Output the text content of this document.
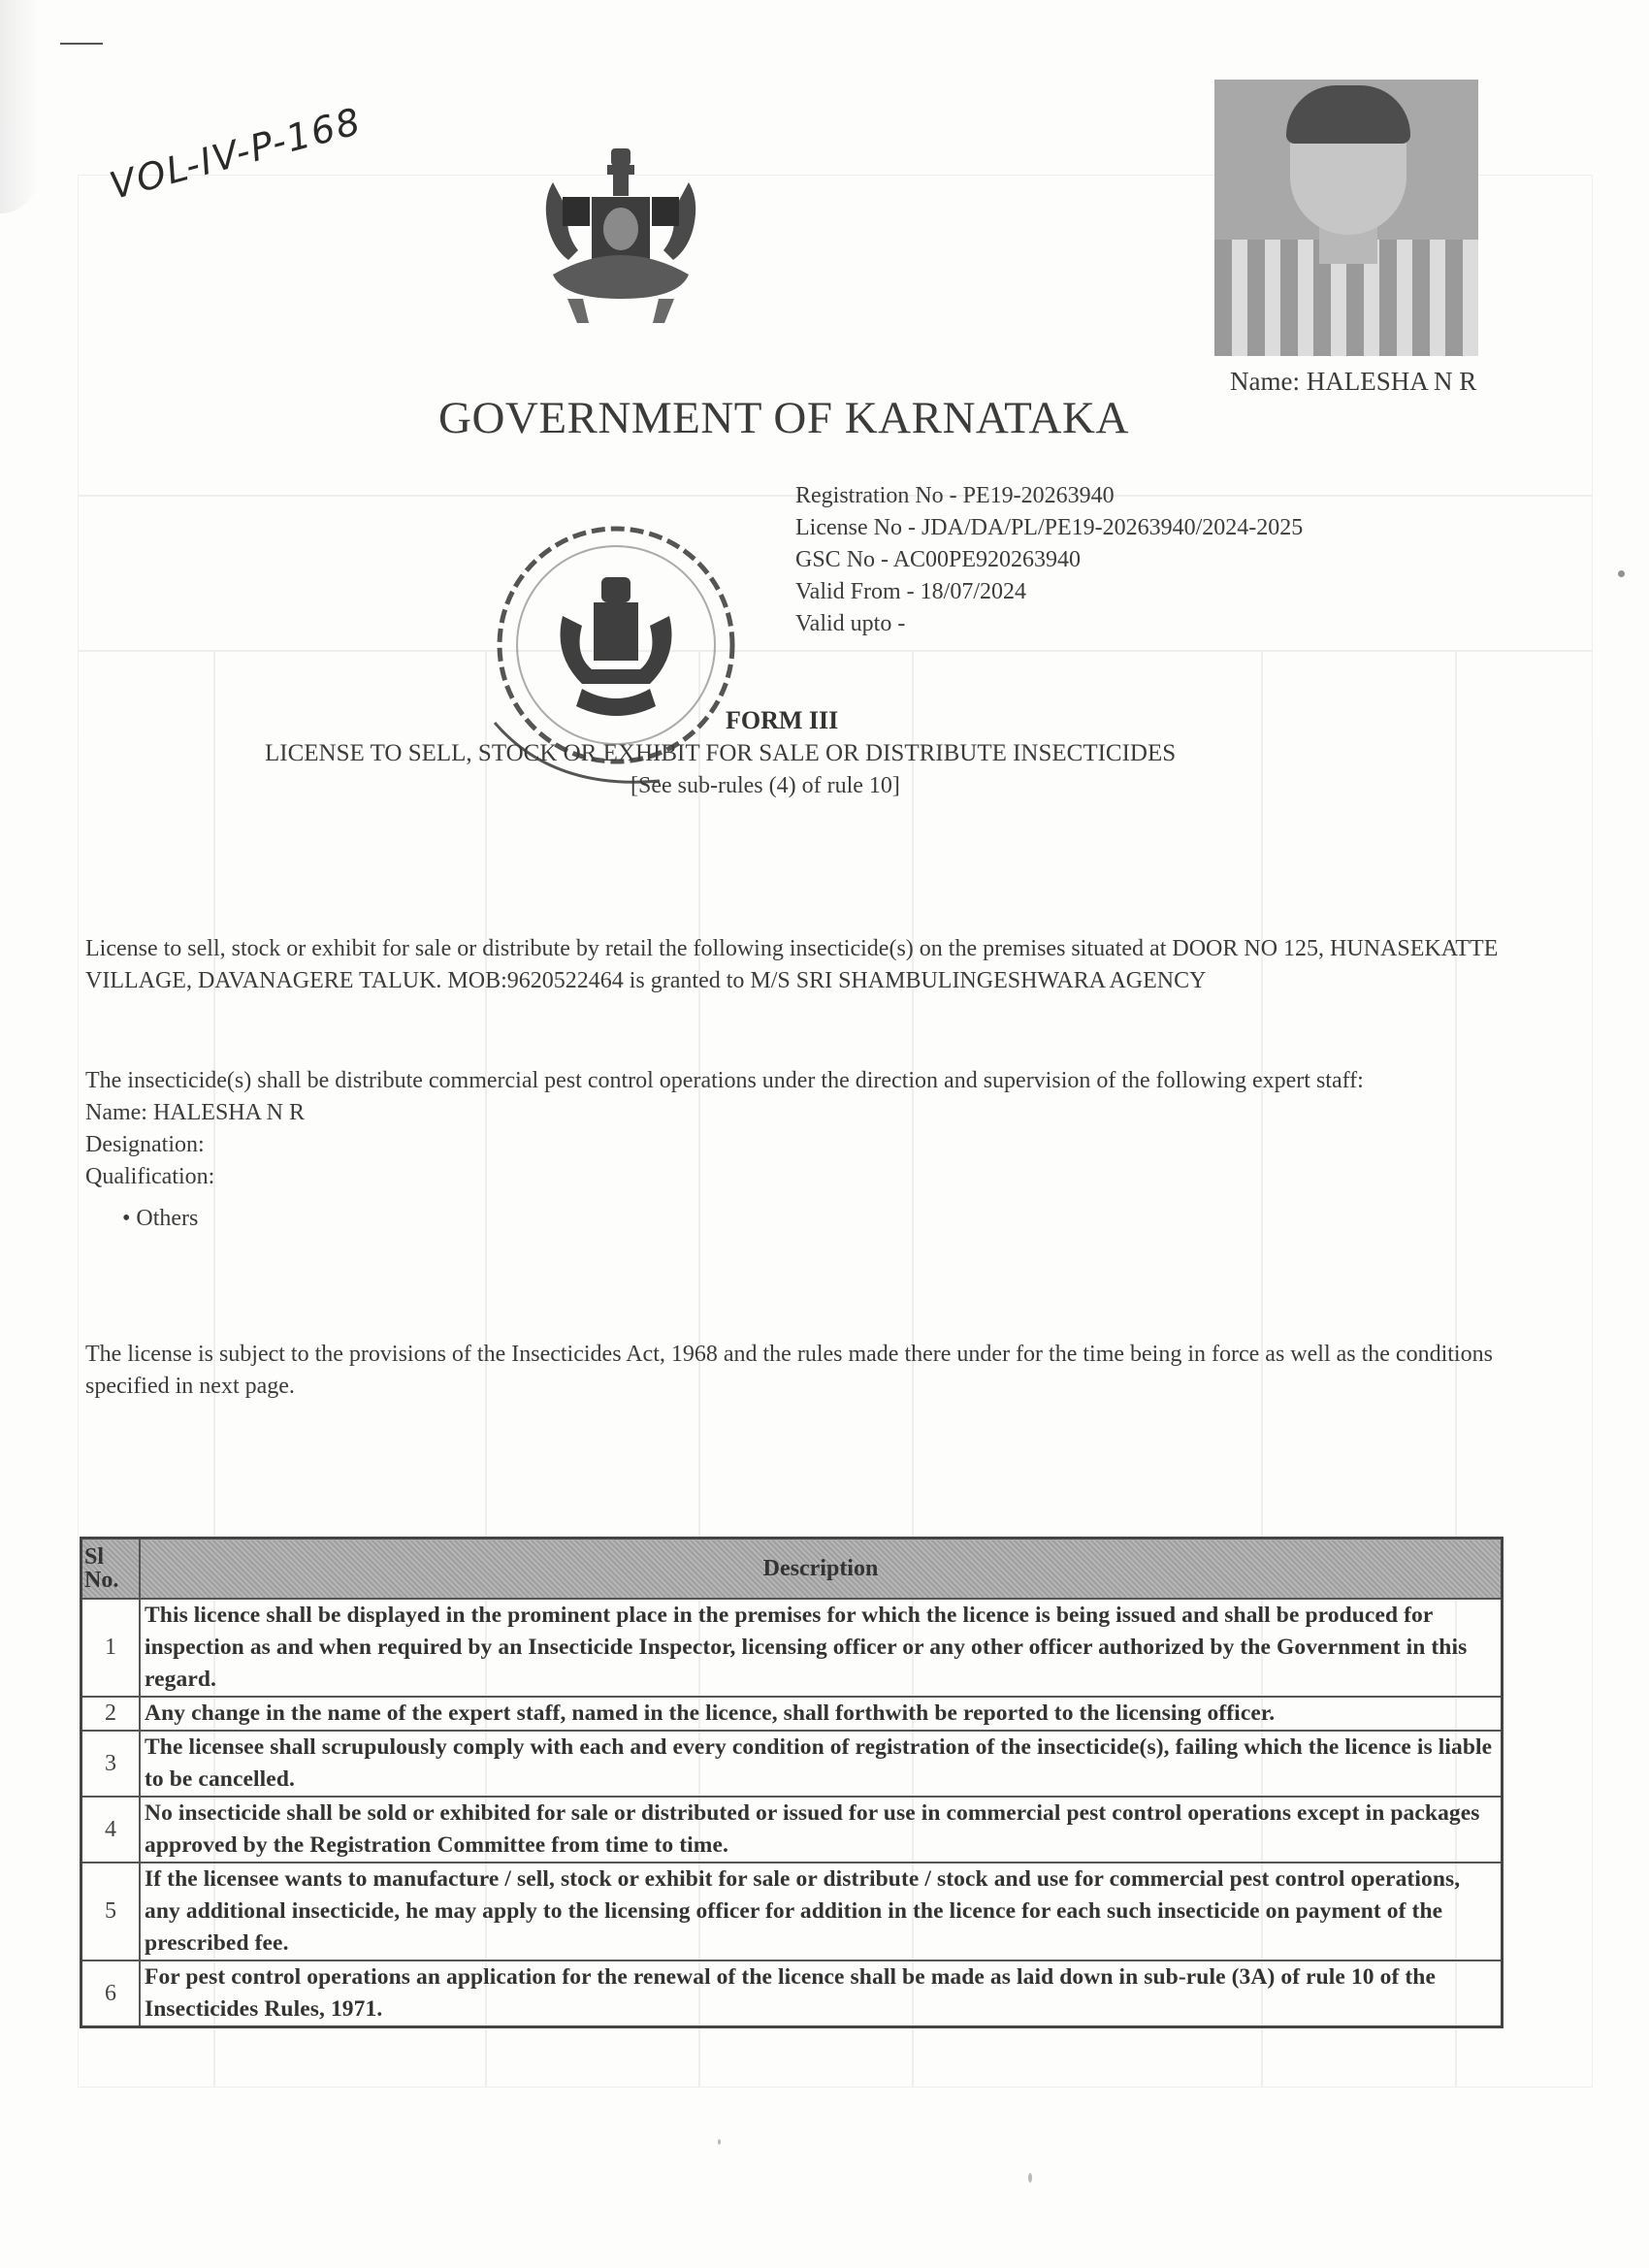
VOL-IV-P-168
Name: HALESHA N R
GOVERNMENT OF KARNATAKA
Registration No - PE19-20263940
License No - JDA/DA/PL/PE19-20263940/2024-2025
GSC No - AC00PE920263940
Valid From - 18/07/2024
Valid upto -
FORM III
LICENSE TO SELL, STOCK OR EXHIBIT FOR SALE OR DISTRIBUTE INSECTICIDES
[See sub-rules (4) of rule 10]
License to sell, stock or exhibit for sale or distribute by retail the following insecticide(s) on the premises situated at DOOR NO 125, HUNASEKATTE VILLAGE, DAVANAGERE TALUK. MOB:9620522464 is granted to M/S SRI SHAMBULINGESHWARA AGENCY
The insecticide(s) shall be distribute commercial pest control operations under the direction and supervision of the following expert staff:
Name: HALESHA N R
Designation:
Qualification:
• Others
The license is subject to the provisions of the Insecticides Act, 1968 and the rules made there under for the time being in force as well as the conditions specified in next page.
Sl No.	Description
1	This licence shall be displayed in the prominent place in the premises for which the licence is being issued and shall be produced for inspection as and when required by an Insecticide Inspector, licensing officer or any other officer authorized by the Government in this regard.
2	Any change in the name of the expert staff, named in the licence, shall forthwith be reported to the licensing officer.
3	The licensee shall scrupulously comply with each and every condition of registration of the insecticide(s), failing which the licence is liable to be cancelled.
4	No insecticide shall be sold or exhibited for sale or distributed or issued for use in commercial pest control operations except in packages approved by the Registration Committee from time to time.
5	If the licensee wants to manufacture / sell, stock or exhibit for sale or distribute / stock and use for commercial pest control operations, any additional insecticide, he may apply to the licensing officer for addition in the licence for each such insecticide on payment of the prescribed fee.
6	For pest control operations an application for the renewal of the licence shall be made as laid down in sub-rule (3A) of rule 10 of the Insecticides Rules, 1971.
